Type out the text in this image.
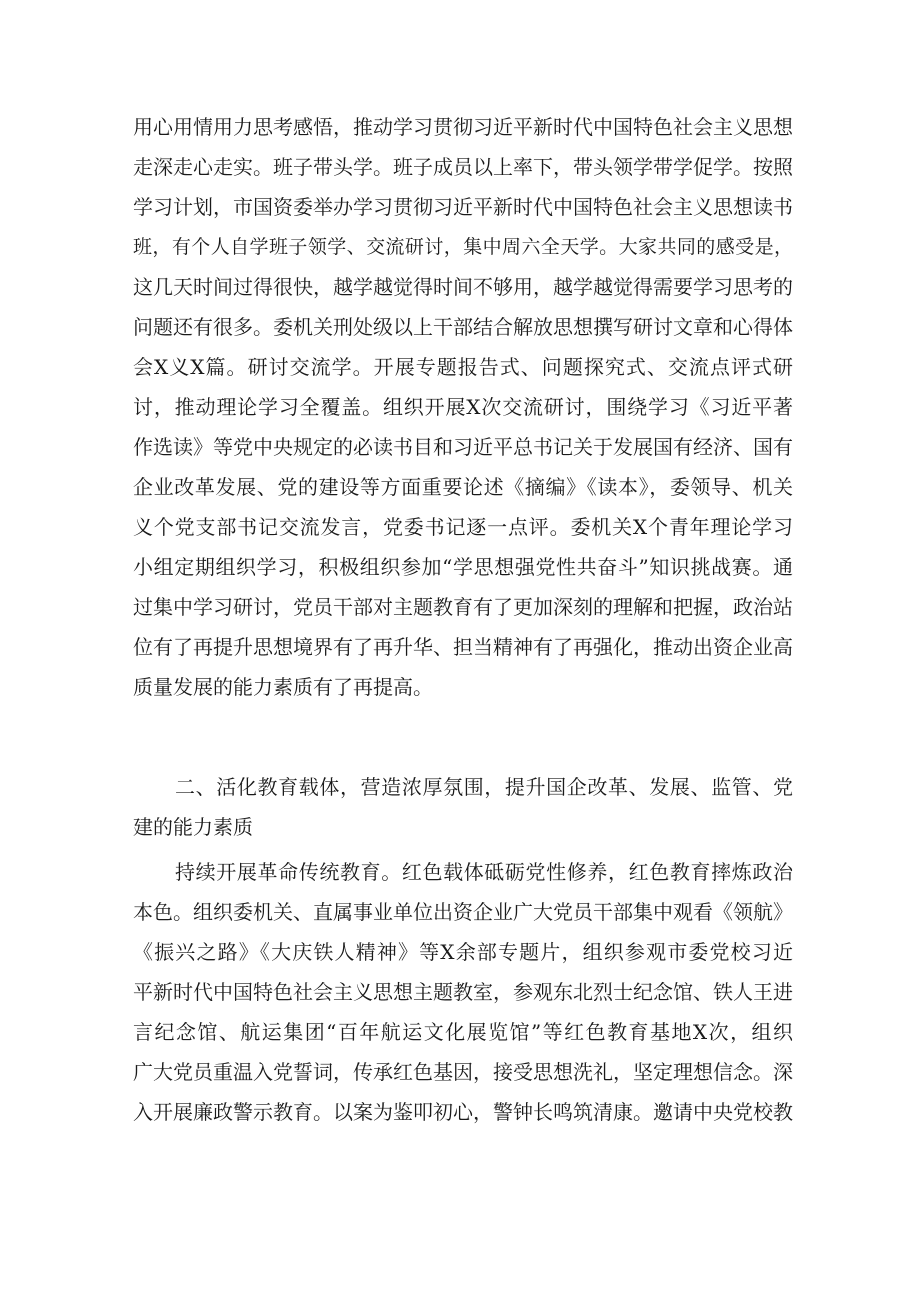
用心用情用力思考感悟，推动学习贯彻习近平新时代中国特色社会主义思想
走深走心走实。班子带头学。班子成员以上率下，带头领学带学促学。按照
学习计划，市国资委举办学习贯彻习近平新时代中国特色社会主义思想读书
班，有个人自学班子领学、交流研讨，集中周六全天学。大家共同的感受是，
这几天时间过得很快，越学越觉得时间不够用，越学越觉得需要学习思考的
问题还有很多。委机关刑处级以上干部结合解放思想撰写研讨文章和心得体
会X义X篇。研讨交流学。开展专题报告式、问题探究式、交流点评式研
讨，推动理论学习全覆盖。组织开展X次交流研讨，围绕学习《习近平著
作选读》等党中央规定的必读书目和习近平总书记关于发展国有经济、国有
企业改革发展、党的建设等方面重要论述《摘编》《读本》，委领导、机关
义个党支部书记交流发言，党委书记逐一点评。委机关X个青年理论学习
小组定期组织学习，积极组织参加“学思想强党性共奋斗”知识挑战赛。通
过集中学习研讨，党员干部对主题教育有了更加深刻的理解和把握，政治站
位有了再提升思想境界有了再升华、担当精神有了再强化，推动出资企业高
质量发展的能力素质有了再提高。
二、活化教育载体，营造浓厚氛围，提升国企改革、发展、监管、党
建的能力素质
持续开展革命传统教育。红色载体砥砺党性修养，红色教育摔炼政治
本色。组织委机关、直属事业单位出资企业广大党员干部集中观看《领航》
《振兴之路》《大庆铁人精神》等X余部专题片，组织参观市委党校习近
平新时代中国特色社会主义思想主题教室，参观东北烈士纪念馆、铁人王进
言纪念馆、航运集团“百年航运文化展览馆”等红色教育基地X次，组织
广大党员重温入党誓词，传承红色基因，接受思想洗礼，坚定理想信念。深
入开展廉政警示教育。以案为鉴叩初心，警钟长鸣筑清康。邀请中央党校教
